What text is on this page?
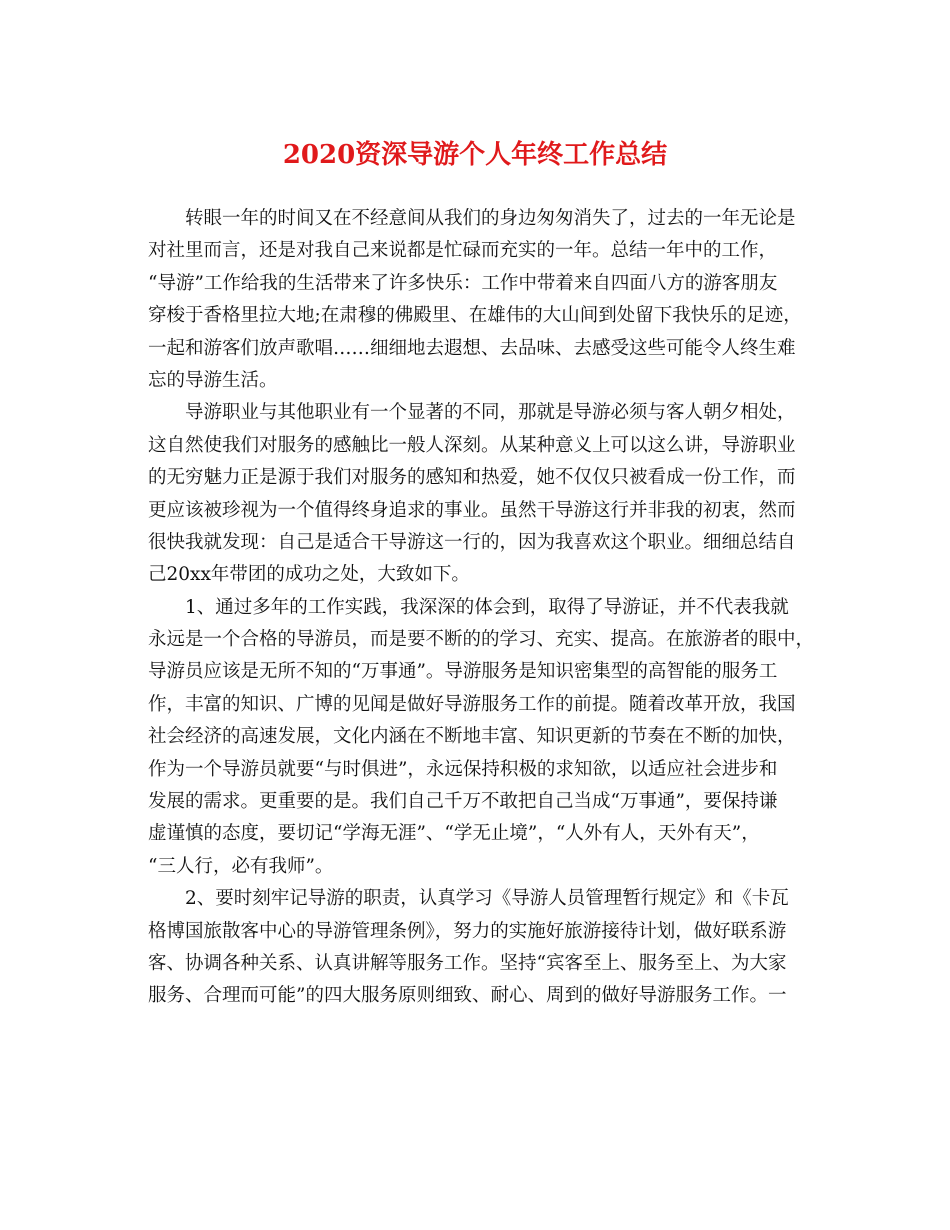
2020资深导游个人年终工作总结
转眼一年的时间又在不经意间从我们的身边匆匆消失了，过去的一年无论是
对社里而言，还是对我自己来说都是忙碌而充实的一年。总结一年中的工作，
“导游”工作给我的生活带来了许多快乐：工作中带着来自四面八方的游客朋友
穿梭于香格里拉大地;在肃穆的佛殿里、在雄伟的大山间到处留下我快乐的足迹，
一起和游客们放声歌唱……细细地去遐想、去品味、去感受这些可能令人终生难
忘的导游生活。
导游职业与其他职业有一个显著的不同，那就是导游必须与客人朝夕相处，
这自然使我们对服务的感触比一般人深刻。从某种意义上可以这么讲，导游职业
的无穷魅力正是源于我们对服务的感知和热爱，她不仅仅只被看成一份工作，而
更应该被珍视为一个值得终身追求的事业。虽然干导游这行并非我的初衷，然而
很快我就发现：自己是适合干导游这一行的，因为我喜欢这个职业。细细总结自
己20xx年带团的成功之处，大致如下。
1、通过多年的工作实践，我深深的体会到，取得了导游证，并不代表我就
永远是一个合格的导游员，而是要不断的的学习、充实、提高。在旅游者的眼中，
导游员应该是无所不知的“万事通”。导游服务是知识密集型的高智能的服务工
作，丰富的知识、广博的见闻是做好导游服务工作的前提。随着改革开放，我国
社会经济的高速发展，文化内涵在不断地丰富、知识更新的节奏在不断的加快，
作为一个导游员就要“与时俱进”，永远保持积极的求知欲，以适应社会进步和
发展的需求。更重要的是。我们自己千万不敢把自己当成“万事通”，要保持谦
虚谨慎的态度，要切记“学海无涯”、“学无止境”，“人外有人，天外有天”，
“三人行，必有我师”。
2、要时刻牢记导游的职责，认真学习《导游人员管理暂行规定》和《卡瓦
格博国旅散客中心的导游管理条例》，努力的实施好旅游接待计划，做好联系游
客、协调各种关系、认真讲解等服务工作。坚持“宾客至上、服务至上、为大家
服务、合理而可能”的四大服务原则细致、耐心、周到的做好导游服务工作。一
